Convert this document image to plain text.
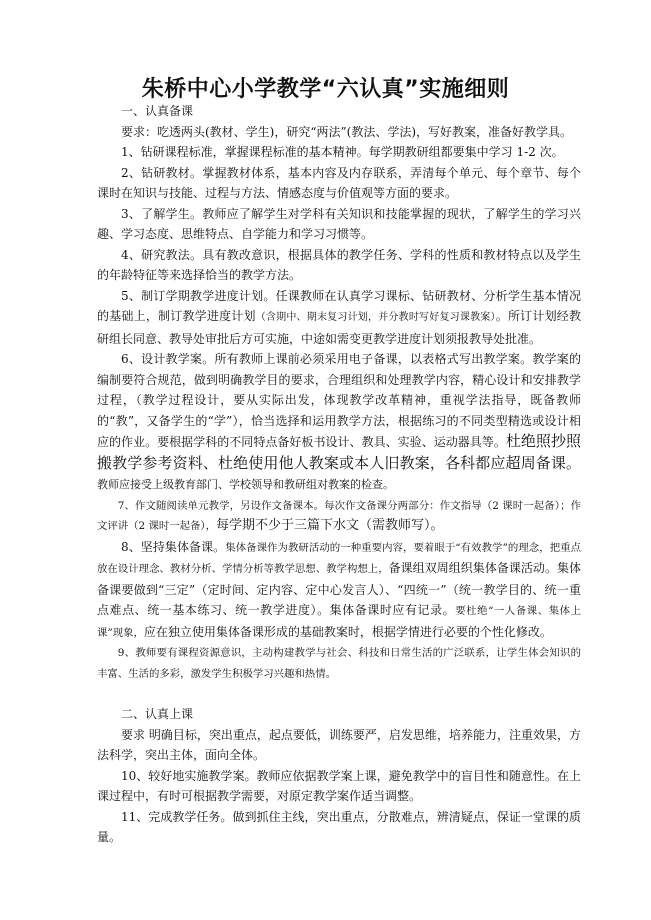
朱桥中心小学教学“六认真”实施细则

一、认真备课

要求：吃透两头(教材、学生)，研究“两法”(教法、学法)，写好教案，准备好教学具。

1、钻研课程标准，掌握课程标准的基本精神。每学期教研组都要集中学习 1-2 次。

2、钻研教材。掌握教材体系，基本内容及内存联系，弄清每个单元、每个章节、每个课时在知识与技能、过程与方法、情感态度与价值观等方面的要求。

3、了解学生。教师应了解学生对学科有关知识和技能掌握的现状，了解学生的学习兴趣、学习态度、思维特点、自学能力和学习习惯等。

4、研究教法。具有教改意识，根据具体的教学任务、学科的性质和教材特点以及学生的年龄特征等来选择恰当的教学方法。

5、制订学期教学进度计划。任课教师在认真学习课标、钻研教材、分析学生基本情况的基础上，制订教学进度计划（含期中、期末复习计划，并分教时写好复习课教案）。所订计划经教研组长同意、教导处审批后方可实施，中途如需变更教学进度计划须报教导处批准。

6、设计教学案。所有教师上课前必须采用电子备课，以表格式写出教学案。教学案的编制要符合规范，做到明确教学目的要求，合理组织和处理教学内容，精心设计和安排教学过程，（教学过程设计，要从实际出发，体现教学改革精神，重视学法指导，既备教师的“教”，又备学生的“学”），恰当选择和运用教学方法，根据练习的不同类型精选或设计相应的作业。要根据学科的不同特点备好板书设计、教具、实验、运动器具等。杜绝照抄照搬教学参考资料、杜绝使用他人教案或本人旧教案，各科都应超周备课。教师应接受上级教育部门、学校领导和教研组对教案的检查。

7、作文随阅读单元教学，另设作文备课本。每次作文备课分两部分：作文指导（2 课时一起备）；作文评讲（2 课时一起备），每学期不少于三篇下水文（需教师写）。

8、坚持集体备课。集体备课作为教研活动的一种重要内容，要着眼于“有效教学”的理念，把重点放在设计理念、教材分析、学情分析等教学思想、教学构想上，备课组双周组织集体备课活动。集体备课要做到“三定”（定时间、定内容、定中心发言人）、“四统一”（统一教学目的、统一重点难点、统一基本练习、统一教学进度）。集体备课时应有记录。要杜绝“一人备课、集体上课”现象，应在独立使用集体备课形成的基础教案时，根据学情进行必要的个性化修改。

9、教师要有课程资源意识，主动构建教学与社会、科技和日常生活的广泛联系，让学生体会知识的丰富、生活的多彩，激发学生积极学习兴趣和热情。

二、认真上课

要求 明确目标，突出重点，起点要低，训练要严，启发思维，培养能力，注重效果，方法科学，突出主体，面向全体。

10、较好地实施教学案。教师应依据教学案上课，避免教学中的盲目性和随意性。在上课过程中，有时可根据教学需要，对原定教学案作适当调整。

11、完成教学任务。做到抓住主线，突出重点，分散难点，辨清疑点，保证一堂课的质量。
